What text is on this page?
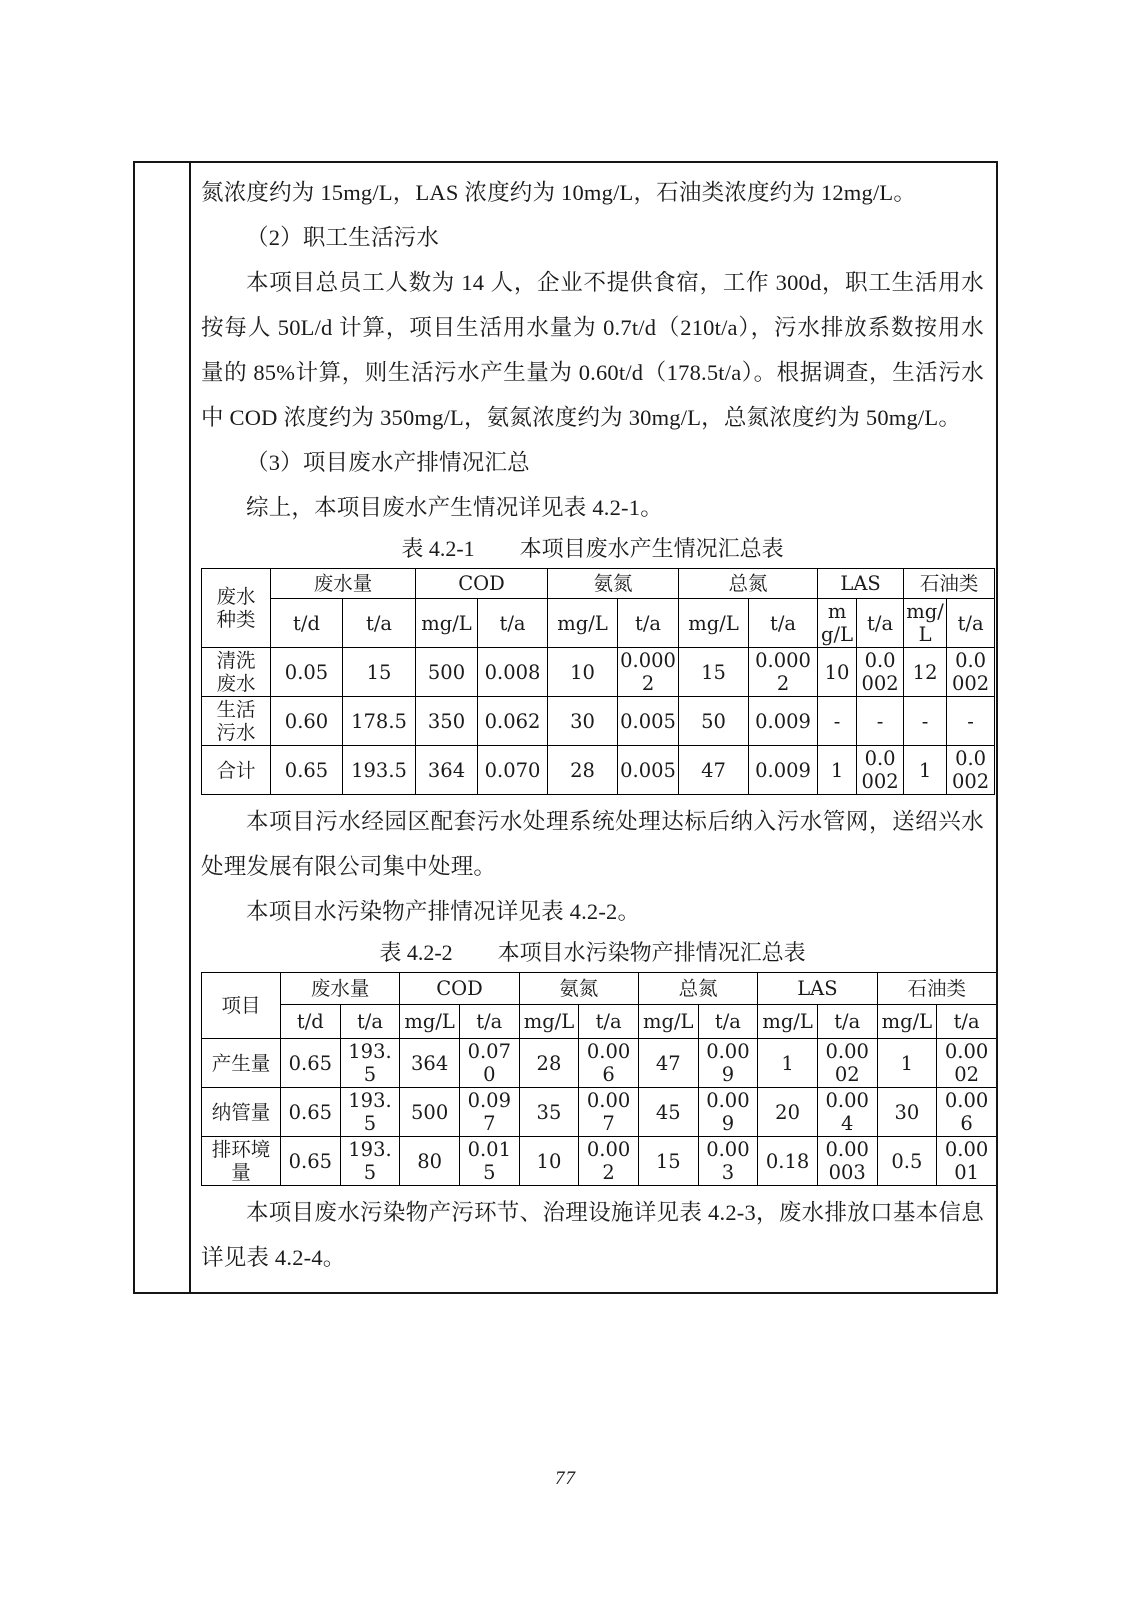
氮浓度约为 15mg/L，LAS 浓度约为 10mg/L，石油类浓度约为 12mg/L。

（2）职工生活污水

本项目总员工人数为 14 人，企业不提供食宿，工作 300d，职工生活用水按每人 50L/d 计算，项目生活用水量为 0.7t/d（210t/a），污水排放系数按用水量的 85%计算，则生活污水产生量为 0.60t/d（178.5t/a）。根据调查，生活污水中 COD 浓度约为 350mg/L，氨氮浓度约为 30mg/L，总氮浓度约为 50mg/L。

（3）项目废水产排情况汇总

综上，本项目废水产生情况详见表 4.2-1。

表 4.2-1 本项目废水产生情况汇总表
废水种类	废水量		COD		氨氮		总氮		LAS		石油类	
	t/d	t/a	mg/L	t/a	mg/L	t/a	mg/L	t/a	mg/L	t/a	mg/L	t/a
清洗废水	0.05	15	500	0.008	10	0.0002	15	0.0002	10	0.0002	12	0.0002
生活污水	0.60	178.5	350	0.062	30	0.005	50	0.009	-	-	-	-
合计	0.65	193.5	364	0.070	28	0.005	47	0.009	1	0.0002	1	0.0002

本项目污水经园区配套污水处理系统处理达标后纳入污水管网，送绍兴水处理发展有限公司集中处理。

本项目水污染物产排情况详见表 4.2-2。

表 4.2-2 本项目水污染物产排情况汇总表
项目	废水量		COD		氨氮		总氮		LAS		石油类	
	t/d	t/a	mg/L	t/a	mg/L	t/a	mg/L	t/a	mg/L	t/a	mg/L	t/a
产生量	0.65	193.5	364	0.070	28	0.006	47	0.009	1	0.0002	1	0.0002
纳管量	0.65	193.5	500	0.097	35	0.007	45	0.009	20	0.004	30	0.006
排环境量	0.65	193.5	80	0.015	10	0.002	15	0.003	0.18	0.00003	0.5	0.0001

本项目废水污染物产污环节、治理设施详见表 4.2-3，废水排放口基本信息详见表 4.2-4。

77
